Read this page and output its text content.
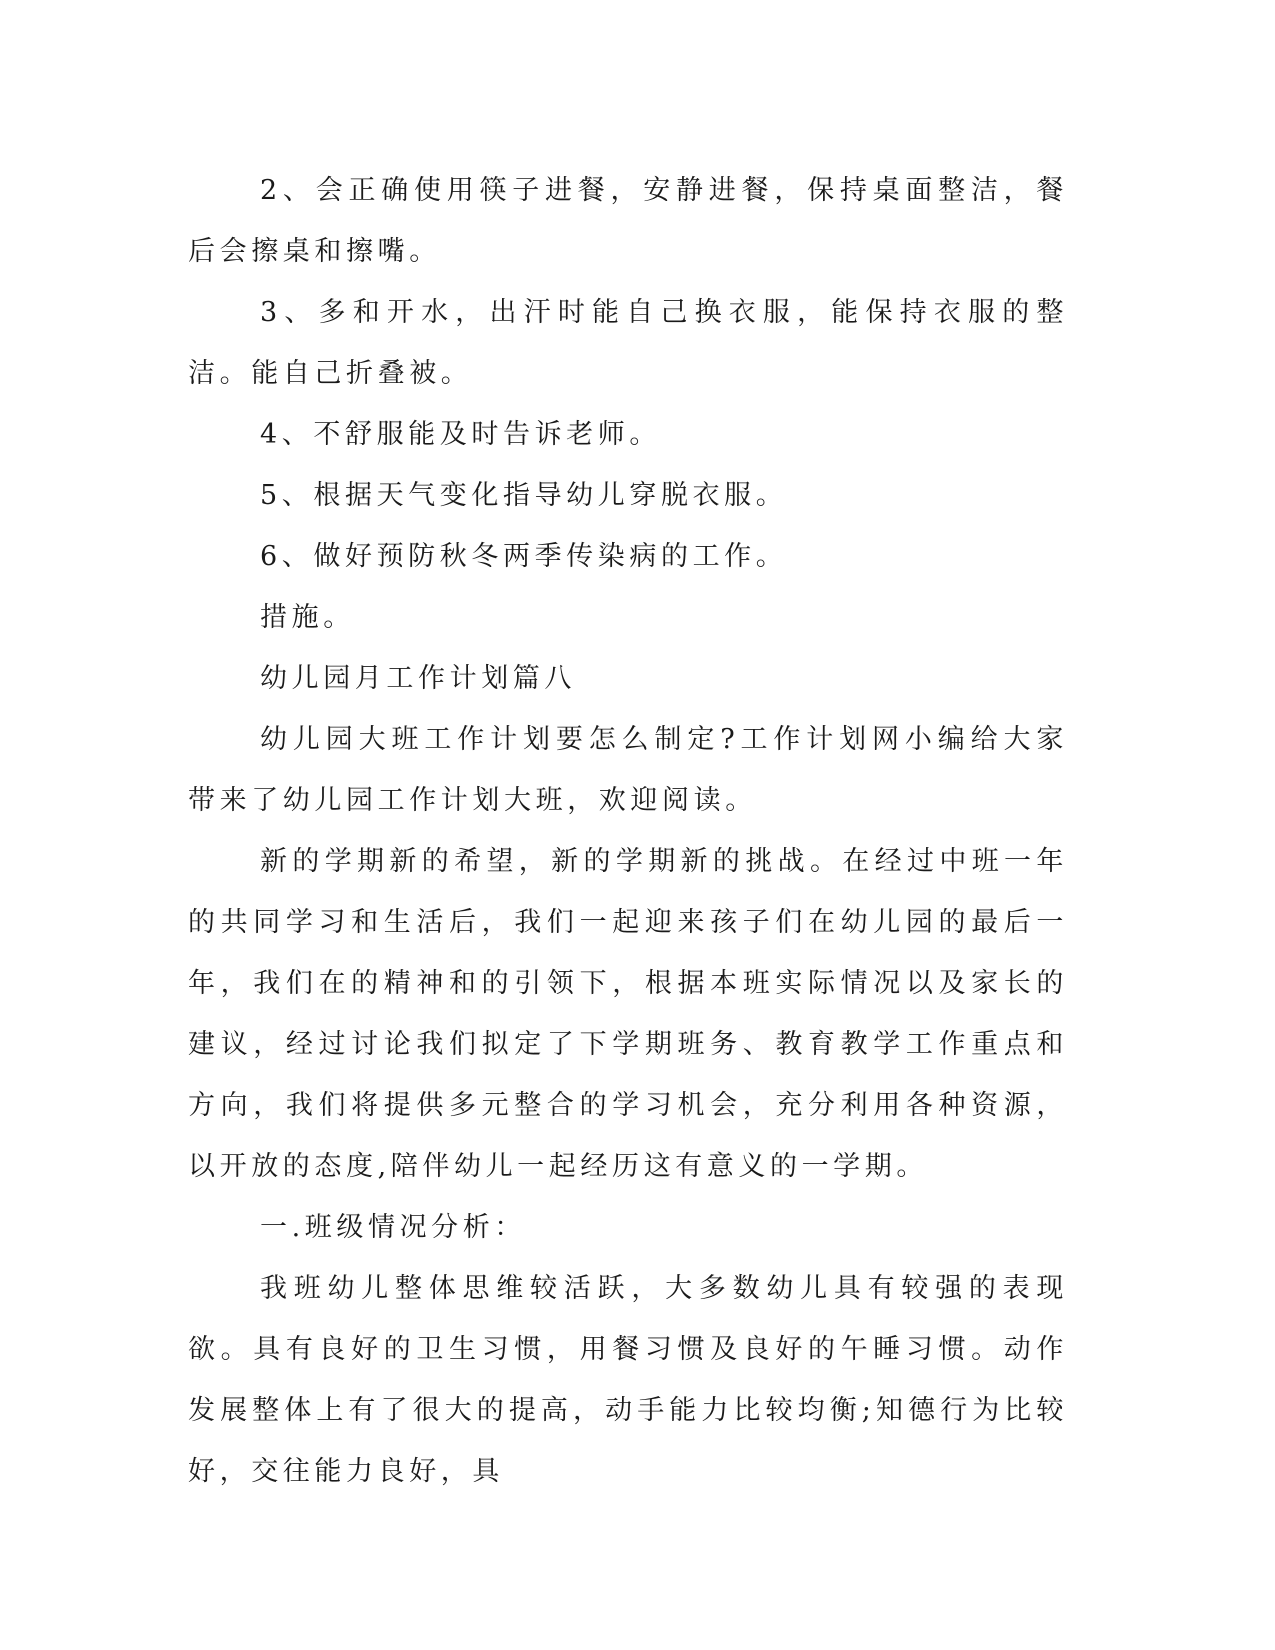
2、会正确使用筷子进餐，安静进餐，保持桌面整洁，餐后会擦桌和擦嘴。

3、多和开水，出汗时能自己换衣服，能保持衣服的整洁。能自己折叠被。

4、不舒服能及时告诉老师。

5、根据天气变化指导幼儿穿脱衣服。

6、做好预防秋冬两季传染病的工作。

措施。

幼儿园月工作计划篇八

幼儿园大班工作计划要怎么制定?工作计划网小编给大家带来了幼儿园工作计划大班，欢迎阅读。

新的学期新的希望，新的学期新的挑战。在经过中班一年的共同学习和生活后，我们一起迎来孩子们在幼儿园的最后一年，我们在的精神和的引领下，根据本班实际情况以及家长的建议，经过讨论我们拟定了下学期班务、教育教学工作重点和方向，我们将提供多元整合的学习机会，充分利用各种资源，以开放的态度,陪伴幼儿一起经历这有意义的一学期。

一.班级情况分析：

我班幼儿整体思维较活跃，大多数幼儿具有较强的表现欲。具有良好的卫生习惯，用餐习惯及良好的午睡习惯。动作发展整体上有了很大的提高，动手能力比较均衡;知德行为比较好，交往能力良好，具
